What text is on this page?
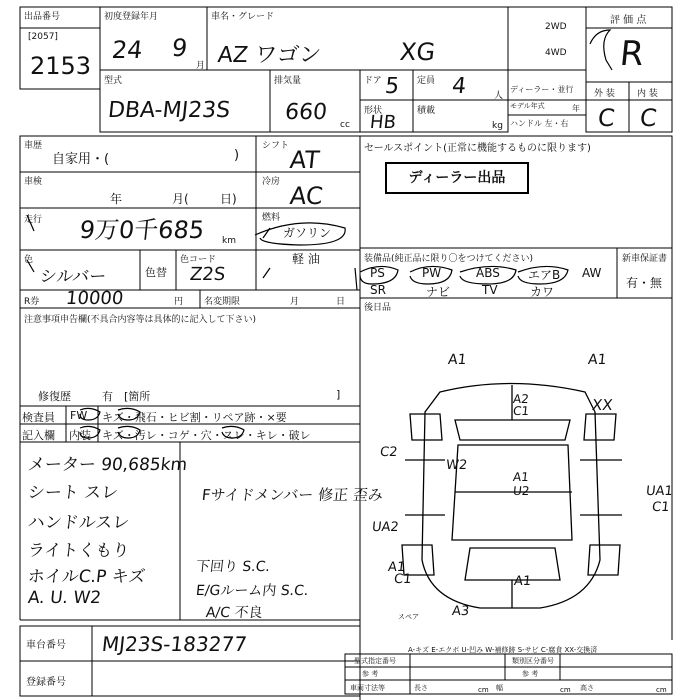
出品番号
[2057]
2153
初度登録年月
24 9
月
車名・グレード
AZ ワゴン	XG
2WD
4WD
評 価 点
R
型式
DBA-MJ23S
排気量
660 cc
ドア 5 定員 4	人
形状
HB
積載
kg
ディーラー・並行
モデル年式	年
ハンドル 左・右
外 装 内 装
C C
車歴
自家用・(	)
シフト AT
車検
年	月(	日)
冷房 AC
走行 9万0千685 km
燃料
ガソリン
軽 油
色
シルバー	色替
色コード
Z2S
R券 10000	円 名変期限	月	日
注意事項申告欄(不具合内容等は具体的に記入して下さい)
修復歴	有 [箇所	]
セールスポイント(正常に機能するものに限ります)
ディーラー出品
装備品(純正品に限り〇をつけてください)
PS	PW	ABS エアB AW
SR	ナビ	TV	カワ
新車保証書
有・無
後日品
検査員
記入欄
FW キズ・飛石・ヒビ割・リペア跡・×要
内装 キズ・汚レ・コゲ・穴・スレ・キレ・破レ
メーター 90,685km
シート スレ
ハンドルスレ
ライトくもり
ホイルC.P キズ
A. U. W2
Fサイドメンバー 修正 歪み
下回り S.C.
E/Gルーム内 S.C.
A/C 不良
A1	A1
A2
C1	XX
C2
W2
A1
U2
UA2
UA1
C1
A1
C1	A1
A3
スペア
A-キズ E-エクボ U-凹み W-補修跡 S-サビ C-腐食 XX-交換済
車台番号 MJ23S-183277
登録番号
型式指定番号
参 考
類別区分番号
参 考
車両寸法等	長さ	cm 幅	cm 高さ	cm
